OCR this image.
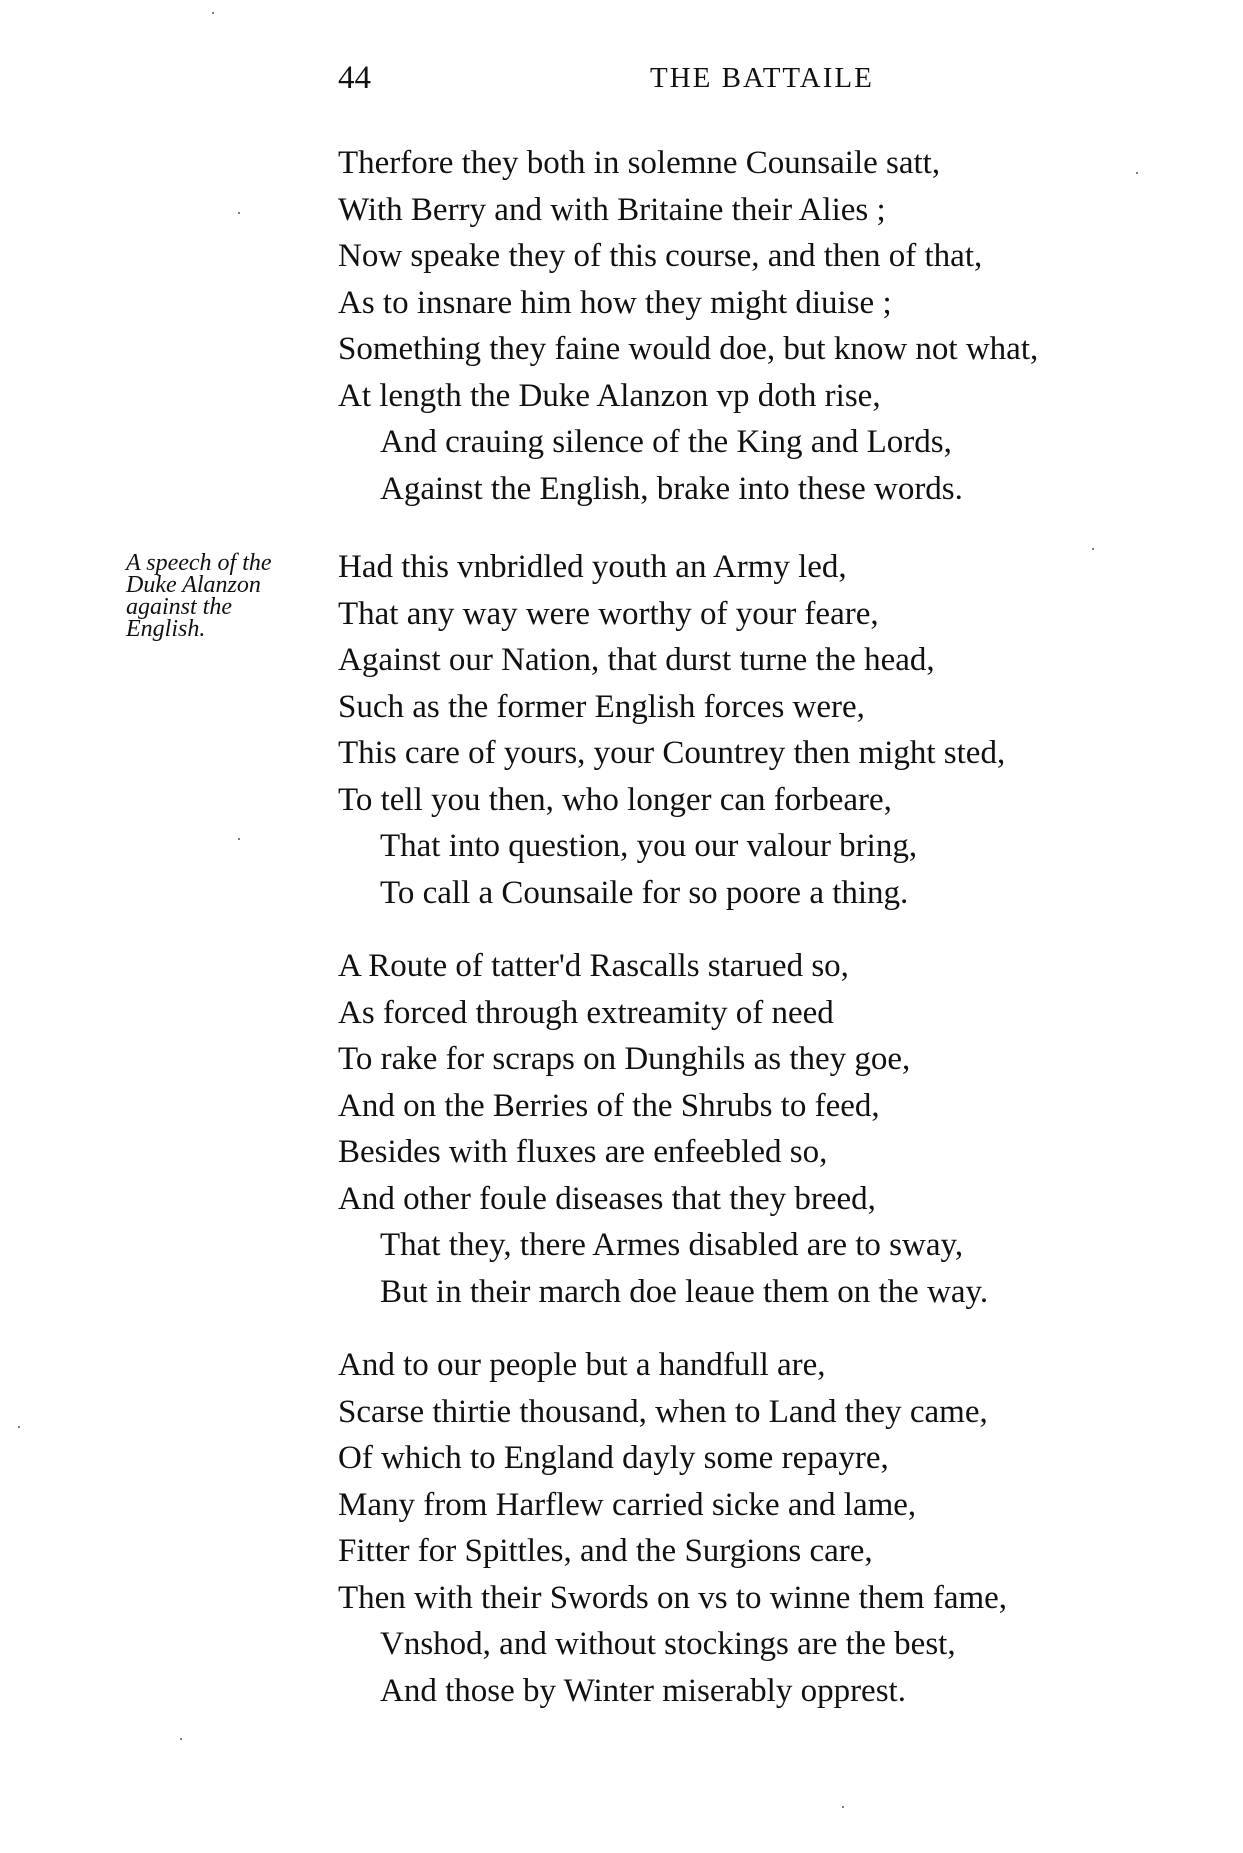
44	THE BATTAILE
A speech of the
Duke Alanzon
against the
English.
Therfore they both in solemne Counsaile satt,
With Berry and with Britaine their Alies ;
Now speake they of this course, and then of that,
As to insnare him how they might diuise ;
Something they faine would doe, but know not what,
At length the Duke Alanzon vp doth rise,
And crauing silence of the King and Lords,
Against the English, brake into these words.
Had this vnbridled youth an Army led,
That any way were worthy of your feare,
Against our Nation, that durst turne the head,
Such as the former English forces were,
This care of yours, your Countrey then might sted,
To tell you then, who longer can forbeare,
That into question, you our valour bring,
To call a Counsaile for so poore a thing.
A Route of tatter'd Rascalls starued so,
As forced through extreamity of need
To rake for scraps on Dunghils as they goe,
And on the Berries of the Shrubs to feed,
Besides with fluxes are enfeebled so,
And other foule diseases that they breed,
That they, there Armes disabled are to sway,
But in their march doe leaue them on the way.
And to our people but a handfull are,
Scarse thirtie thousand, when to Land they came,
Of which to England dayly some repayre,
Many from Harflew carried sicke and lame,
Fitter for Spittles, and the Surgions care,
Then with their Swords on vs to winne them fame,
Vnshod, and without stockings are the best,
And those by Winter miserably opprest.
